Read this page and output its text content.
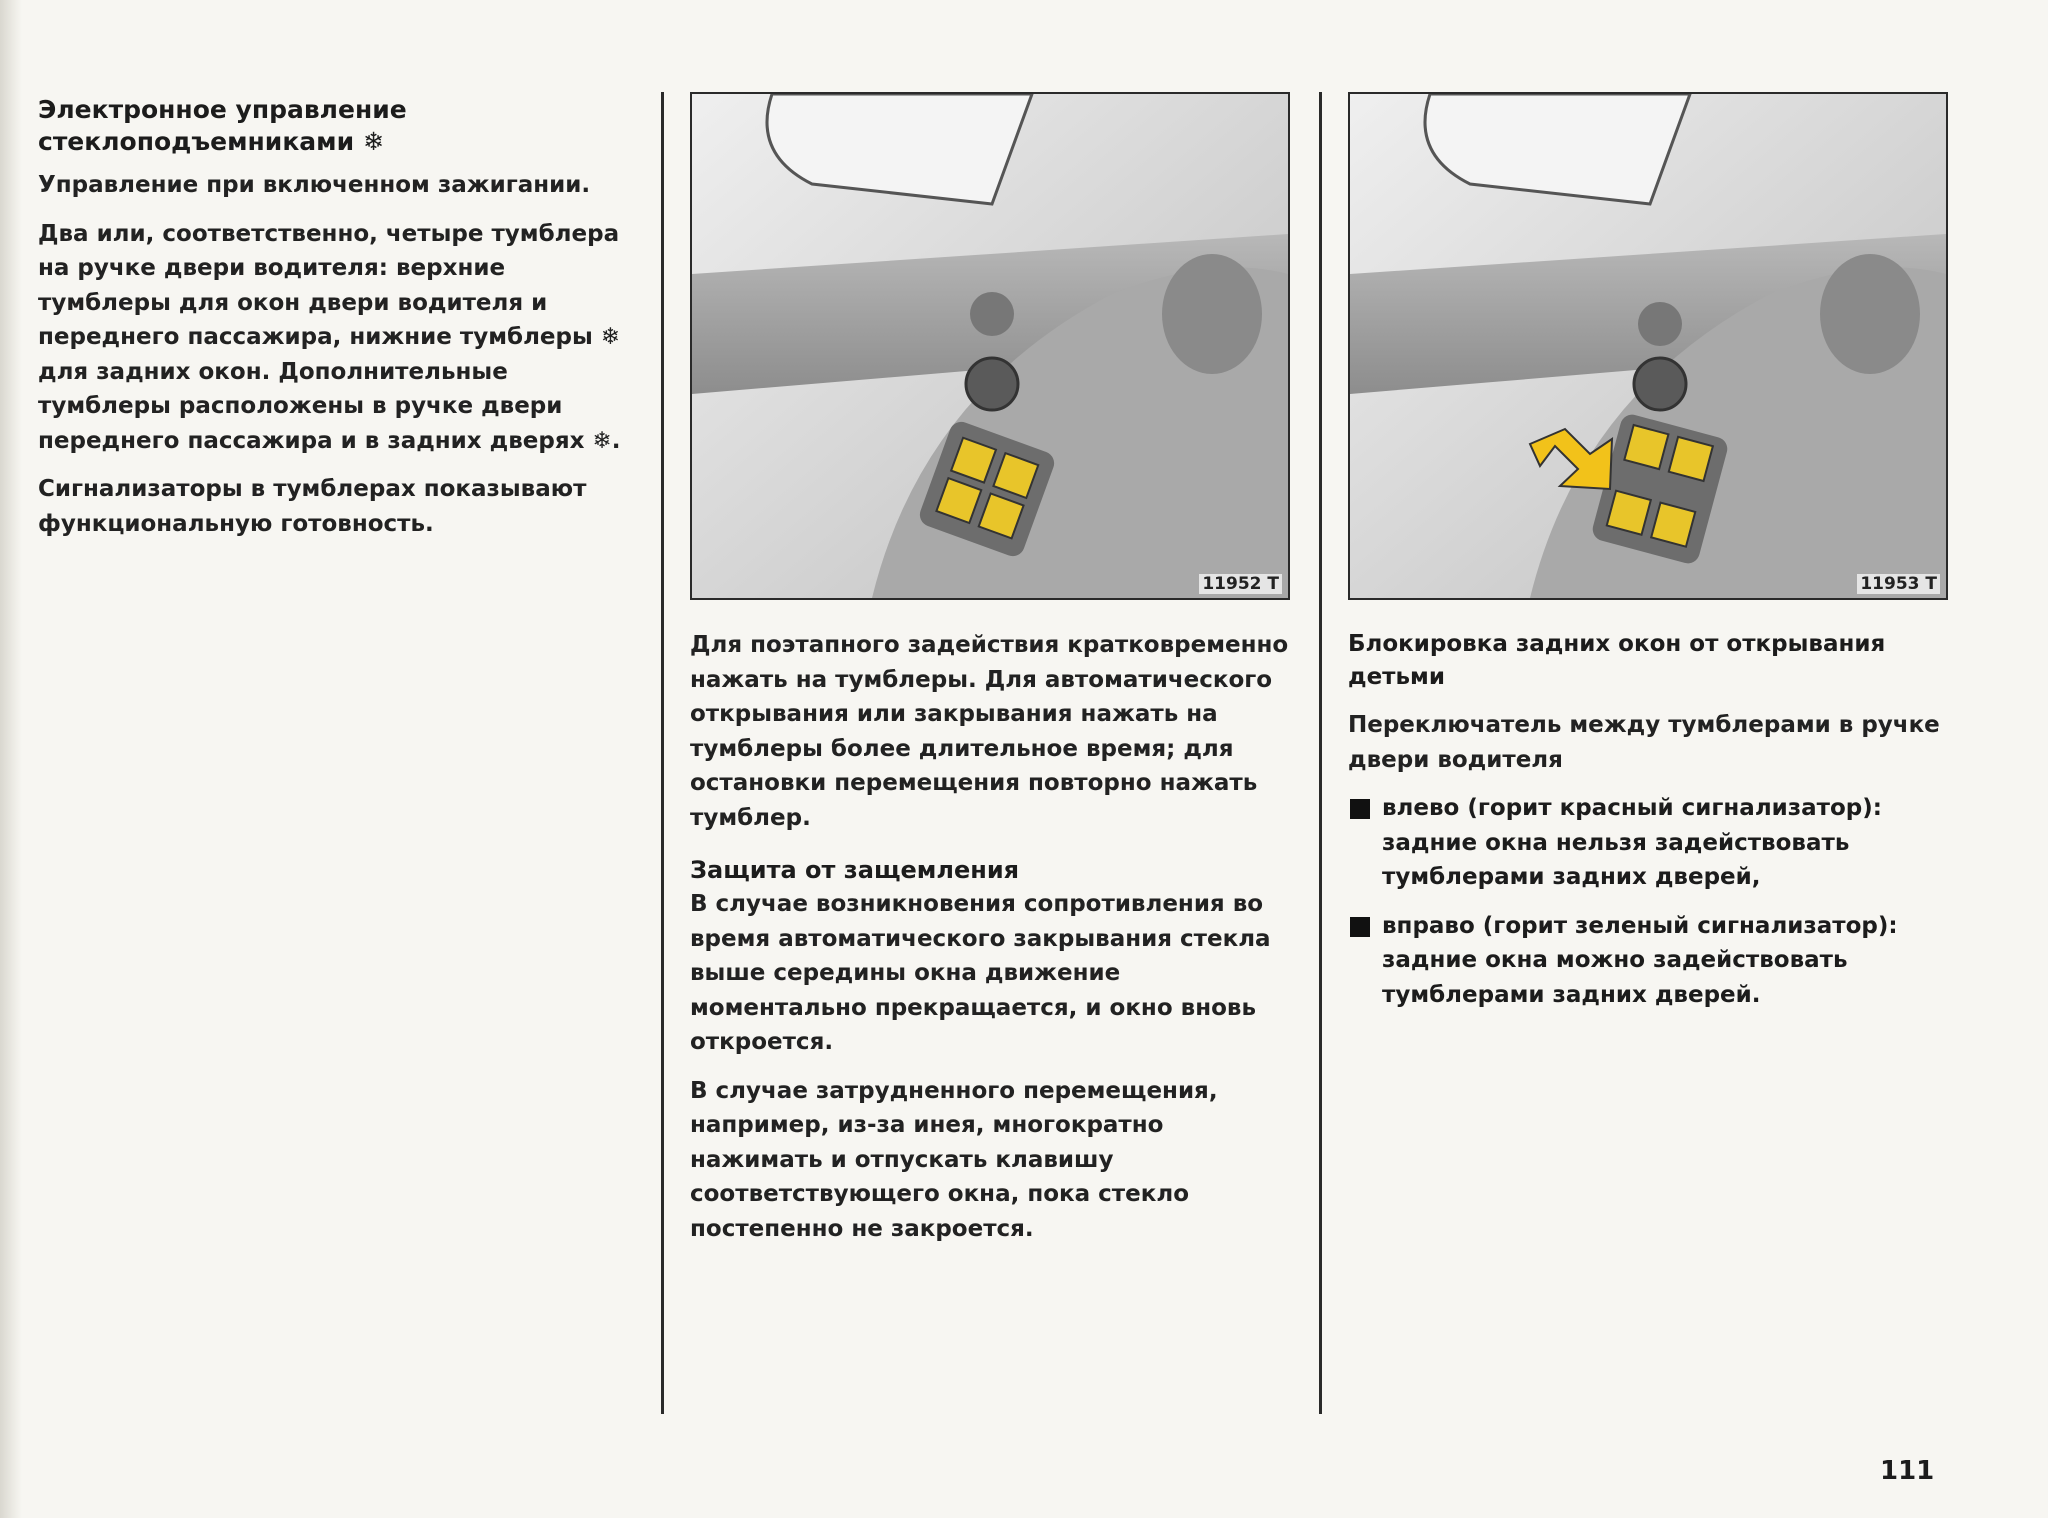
Электронное управление стеклоподъемниками ❄

Управление при включенном зажигании.

Два или, соответственно, четыре тумблера на ручке двери водителя: верхние тумблеры для окон двери водителя и переднего пассажира, нижние тумблеры ❄ для задних окон. Дополнительные тумблеры расположены в ручке двери переднего пассажира и в задних дверях ❄.

Сигнализаторы в тумблерах показывают функциональную готовность.

11952 T

Для поэтапного задействия кратковременно нажать на тумблеры. Для автоматического открывания или закрывания нажать на тумблеры более длительное время; для остановки перемещения повторно нажать тумблер.

Защита от защемления

В случае возникновения сопротивления во время автоматического закрывания стекла выше середины окна движение моментально прекращается, и окно вновь откроется.

В случае затрудненного перемещения, например, из-за инея, многократно нажимать и отпускать клавишу соответствующего окна, пока стекло постепенно не закроется.

11953 T
Блокировка задних окон от открывания детьми

Переключатель между тумблерами в ручке двери водителя

влево (горит красный сигнализатор): задние окна нельзя задействовать тумблерами задних дверей,

вправо (горит зеленый сигнализатор): задние окна можно задействовать тумблерами задних дверей.

111
